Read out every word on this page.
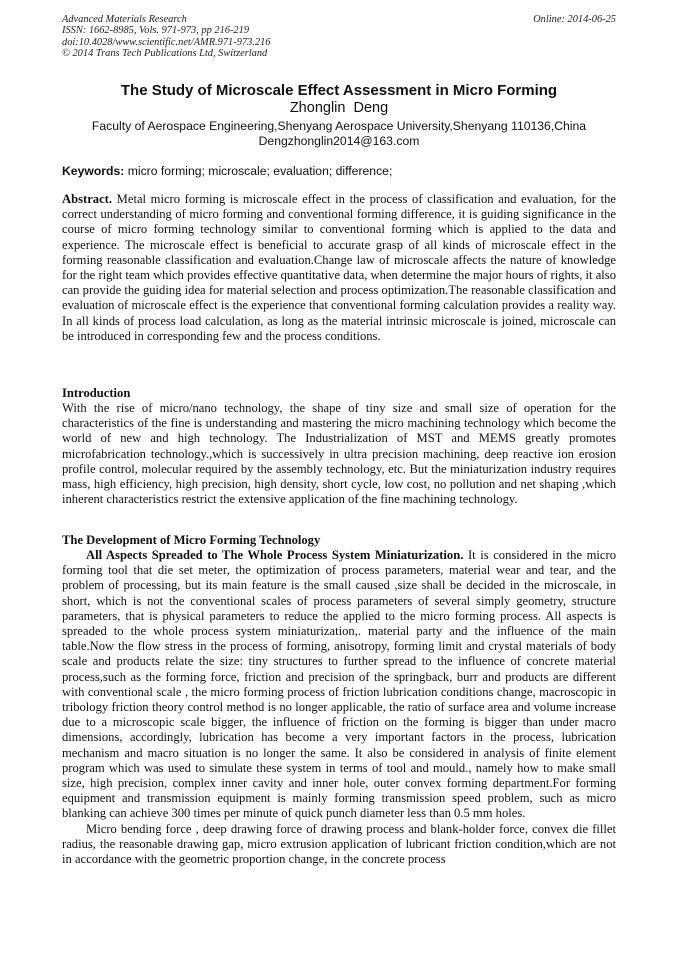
Advanced Materials Research
ISSN: 1662-8985, Vols. 971-973, pp 216-219
doi:10.4028/www.scientific.net/AMR.971-973.216
© 2014 Trans Tech Publications Ltd, Switzerland
Online: 2014-06-25
The Study of Microscale Effect Assessment in Micro Forming
Zhonglin  Deng
Faculty of Aerospace Engineering,Shenyang Aerospace University,Shenyang 110136,China
Dengzhonglin2014@163.com
Keywords: micro forming; microscale; evaluation; difference;
Abstract. Metal micro forming is microscale effect in the process of classification and evaluation, for the correct understanding of micro forming and conventional forming difference, it is guiding significance in the course of micro forming technology similar to conventional forming which is applied to the data and experience. The microscale effect is beneficial to accurate grasp of all kinds of microscale effect in the forming reasonable classification and evaluation.Change law of microscale affects the nature of knowledge for the right team which provides effective quantitative data, when determine the major hours of rights, it also can provide the guiding idea for material selection and process optimization.The reasonable classification and evaluation of microscale effect is the experience that conventional forming calculation provides a reality way. In all kinds of process load calculation, as long as the material intrinsic microscale is joined, microscale can be introduced in corresponding few and the process conditions.
Introduction
With the rise of micro/nano technology, the shape of tiny size and small size of operation for the characteristics of the fine is understanding and mastering the micro machining technology which become the world of new and high technology. The Industrialization of MST and MEMS greatly promotes microfabrication technology.,which is successively in ultra precision machining, deep reactive ion erosion profile control, molecular required by the assembly technology, etc. But the miniaturization industry requires mass, high efficiency, high precision, high density, short cycle, low cost, no pollution and net shaping ,which inherent characteristics restrict the extensive application of the fine machining technology.
The Development of Micro Forming Technology

All Aspects Spreaded to The Whole Process System Miniaturization. It is considered in the micro forming tool that die set meter, the optimization of process parameters, material wear and tear, and the problem of processing, but its main feature is the small caused ,size shall be decided in the microscale, in short, which is not the conventional scales of process parameters of several simply geometry, structure parameters, that is physical parameters to reduce the applied to the micro forming process. All aspects is spreaded to the whole process system miniaturization,. material party and the influence of the main table.Now the flow stress in the process of forming, anisotropy, forming limit and crystal materials of body scale and products relate the size: tiny structures to further spread to the influence of concrete material process,such as the forming force, friction and precision of the springback, burr and products are different with conventional scale , the micro forming process of friction lubrication conditions change, macroscopic in tribology friction theory control method is no longer applicable, the ratio of surface area and volume increase due to a microscopic scale bigger, the influence of friction on the forming is bigger than under macro dimensions, accordingly, lubrication has become a very important factors in the process, lubrication mechanism and macro situation is no longer the same. It also be considered in analysis of finite element program which was used to simulate these system in terms of tool and mould., namely how to make small size, high precision, complex inner cavity and inner hole, outer convex forming department.For forming equipment and transmission equipment is mainly forming transmission speed problem, such as micro blanking can achieve 300 times per minute of quick punch diameter less than 0.5 mm holes.

Micro bending force , deep drawing force of drawing process and blank-holder force, convex die fillet radius, the reasonable drawing gap, micro extrusion application of lubricant friction condition,which are not in accordance with the geometric proportion change, in the concrete process
